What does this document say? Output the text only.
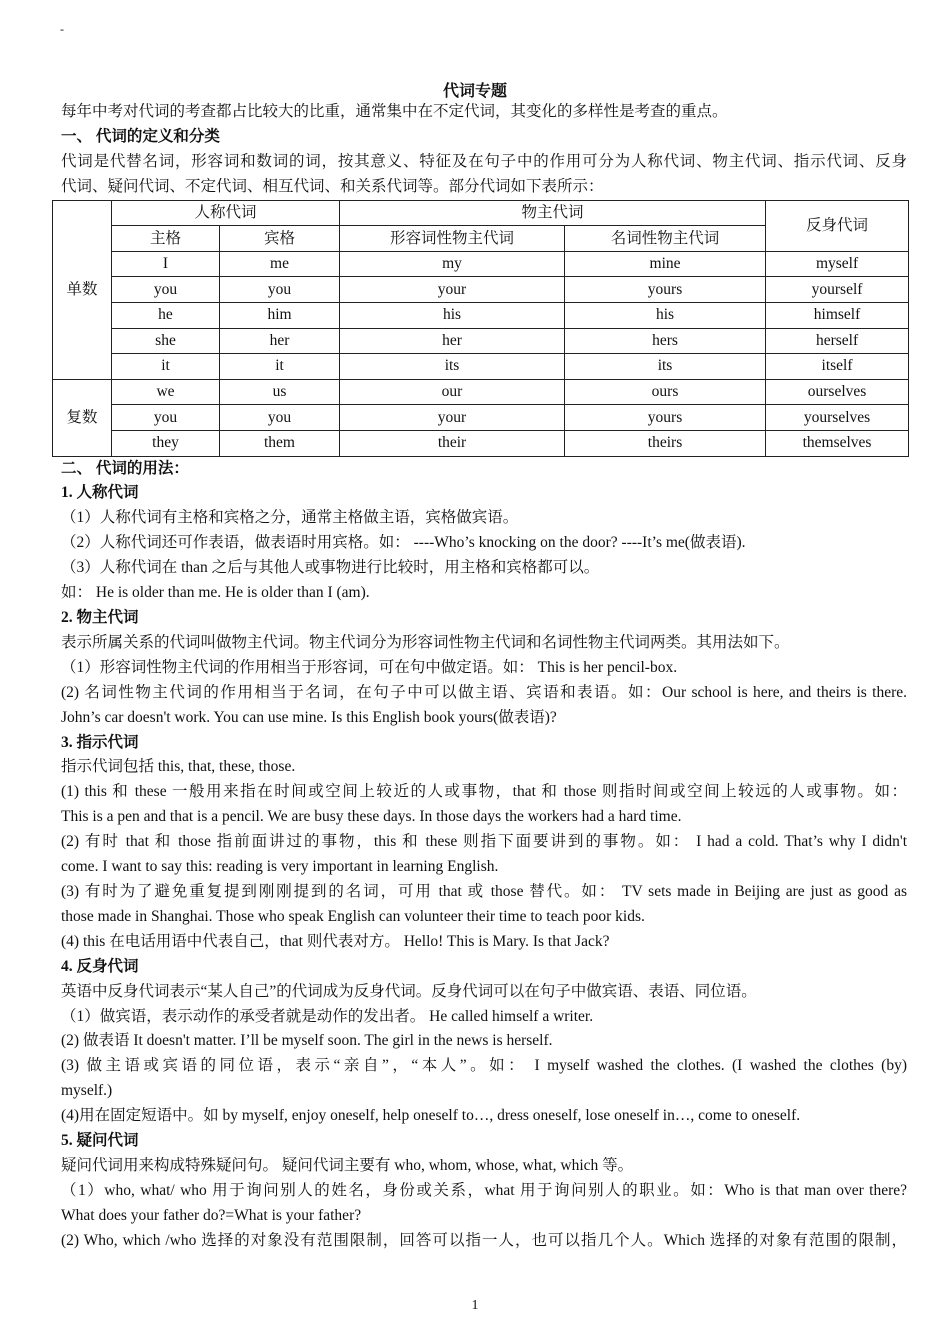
-
代词专题
每年中考对代词的考查都占比较大的比重，通常集中在不定代词，其变化的多样性是考查的重点。
一、 代词的定义和分类
代词是代替名词，形容词和数词的词，按其意义、特征及在句子中的作用可分为人称代词、物主代词、指示代词、反身
代词、疑问代词、不定代词、相互代词、和关系代词等。部分代词如下表所示：
单数	人称代词		物主代词		反身代词
	主格	宾格	形容词性物主代词	名词性物主代词	
	I	me	my	mine	myself
	you	you	your	yours	yourself
	he	him	his	his	himself
	she	her	her	hers	herself
	it	it	its	its	itself
复数	we	us	our	ours	ourselves
	you	you	your	yours	yourselves
	they	them	their	theirs	themselves
二、 代词的用法：
1. 人称代词
（1）人称代词有主格和宾格之分，通常主格做主语，宾格做宾语。
（2）人称代词还可作表语，做表语时用宾格。如： ----Who’s knocking on the door? ----It’s me(做表语).
（3）人称代词在 than 之后与其他人或事物进行比较时，用主格和宾格都可以。
如： He is older than me. He is older than I (am).
2. 物主代词
表示所属关系的代词叫做物主代词。物主代词分为形容词性物主代词和名词性物主代词两类。其用法如下。
（1）形容词性物主代词的作用相当于形容词，可在句中做定语。如： This is her pencil-box.
(2) 名词性物主代词的作用相当于名词，在句子中可以做主语、宾语和表语。如：Our school is here, and theirs is there.
John’s car doesn't work. You can use mine. Is this English book yours(做表语)?
3. 指示代词
指示代词包括 this, that, these, those.
(1) this 和 these 一般用来指在时间或空间上较近的人或事物，that 和 those 则指时间或空间上较远的人或事物。如：
This is a pen and that is a pencil. We are busy these days. In those days the workers had a hard time.
(2) 有时 that 和 those 指前面讲过的事物，this 和 these 则指下面要讲到的事物。如： I had a cold. That’s why I didn't
come. I want to say this: reading is very important in learning English.
(3) 有时为了避免重复提到刚刚提到的名词，可用 that 或 those 替代。如： TV sets made in Beijing are just as good as
those made in Shanghai. Those who speak English can volunteer their time to teach poor kids.
(4) this 在电话用语中代表自己，that 则代表对方。 Hello! This is Mary. Is that Jack?
4. 反身代词
英语中反身代词表示“某人自己”的代词成为反身代词。反身代词可以在句子中做宾语、表语、同位语。
（1）做宾语，表示动作的承受者就是动作的发出者。 He called himself a writer.
(2) 做表语 It doesn't matter. I’ll be myself soon. The girl in the news is herself.
(3) 做主语或宾语的同位语，表示“亲自”，“本人”。如： I myself washed the clothes. (I washed the clothes (by)
myself.)
(4)用在固定短语中。如 by myself, enjoy oneself, help oneself to…, dress oneself, lose oneself in…, come to oneself.
5. 疑问代词
疑问代词用来构成特殊疑问句。 疑问代词主要有 who, whom, whose, what, which 等。
（1）who, what/ who 用于询问别人的姓名，身份或关系，what 用于询问别人的职业。如：Who is that man over there?
What does your father do?=What is your father?
(2) Who, which /who 选择的对象没有范围限制，回答可以指一人，也可以指几个人。Which 选择的对象有范围的限制，
1
